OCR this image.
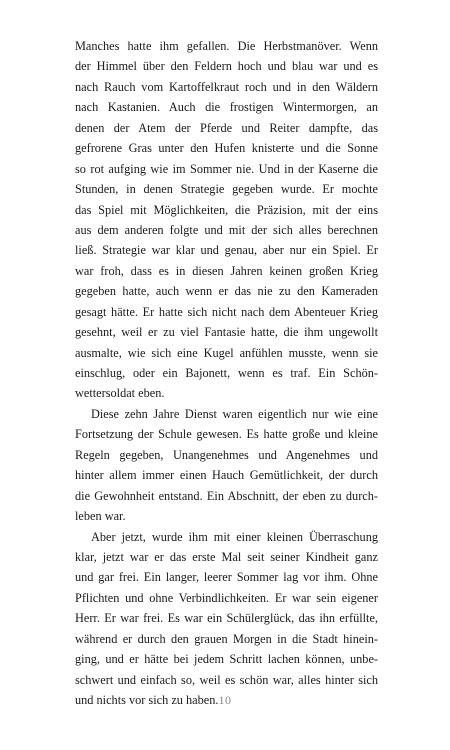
Manches hatte ihm gefallen. Die Herbstmanöver. Wenn
der Himmel über den Feldern hoch und blau war und es
nach Rauch vom Kartoffelkraut roch und in den Wäldern
nach Kastanien. Auch die frostigen Wintermorgen, an
denen der Atem der Pferde und Reiter dampfte, das
gefrorene Gras unter den Hufen knisterte und die Sonne
so rot aufging wie im Sommer nie. Und in der Kaserne die
Stunden, in denen Strategie gegeben wurde. Er mochte
das Spiel mit Möglichkeiten, die Präzision, mit der eins
aus dem anderen folgte und mit der sich alles berechnen
ließ. Strategie war klar und genau, aber nur ein Spiel. Er
war froh, dass es in diesen Jahren keinen großen Krieg
gegeben hatte, auch wenn er das nie zu den Kameraden
gesagt hätte. Er hatte sich nicht nach dem Abenteuer Krieg
gesehnt, weil er zu viel Fantasie hatte, die ihm ungewollt
ausmalte, wie sich eine Kugel anfühlen musste, wenn sie
einschlug, oder ein Bajonett, wenn es traf. Ein Schön-
wettersoldat eben.
Diese zehn Jahre Dienst waren eigentlich nur wie eine
Fortsetzung der Schule gewesen. Es hatte große und kleine
Regeln gegeben, Unangenehmes und Angenehmes und
hinter allem immer einen Hauch Gemütlichkeit, der durch
die Gewohnheit entstand. Ein Abschnitt, der eben zu durch-
leben war.
Aber jetzt, wurde ihm mit einer kleinen Überraschung
klar, jetzt war er das erste Mal seit seiner Kindheit ganz
und gar frei. Ein langer, leerer Sommer lag vor ihm. Ohne
Pflichten und ohne Verbindlichkeiten. Er war sein eigener
Herr. Er war frei. Es war ein Schülerglück, das ihn erfüllte,
während er durch den grauen Morgen in die Stadt hinein-
ging, und er hätte bei jedem Schritt lachen können, unbe-
schwert und einfach so, weil es schön war, alles hinter sich
und nichts vor sich zu haben. 10
